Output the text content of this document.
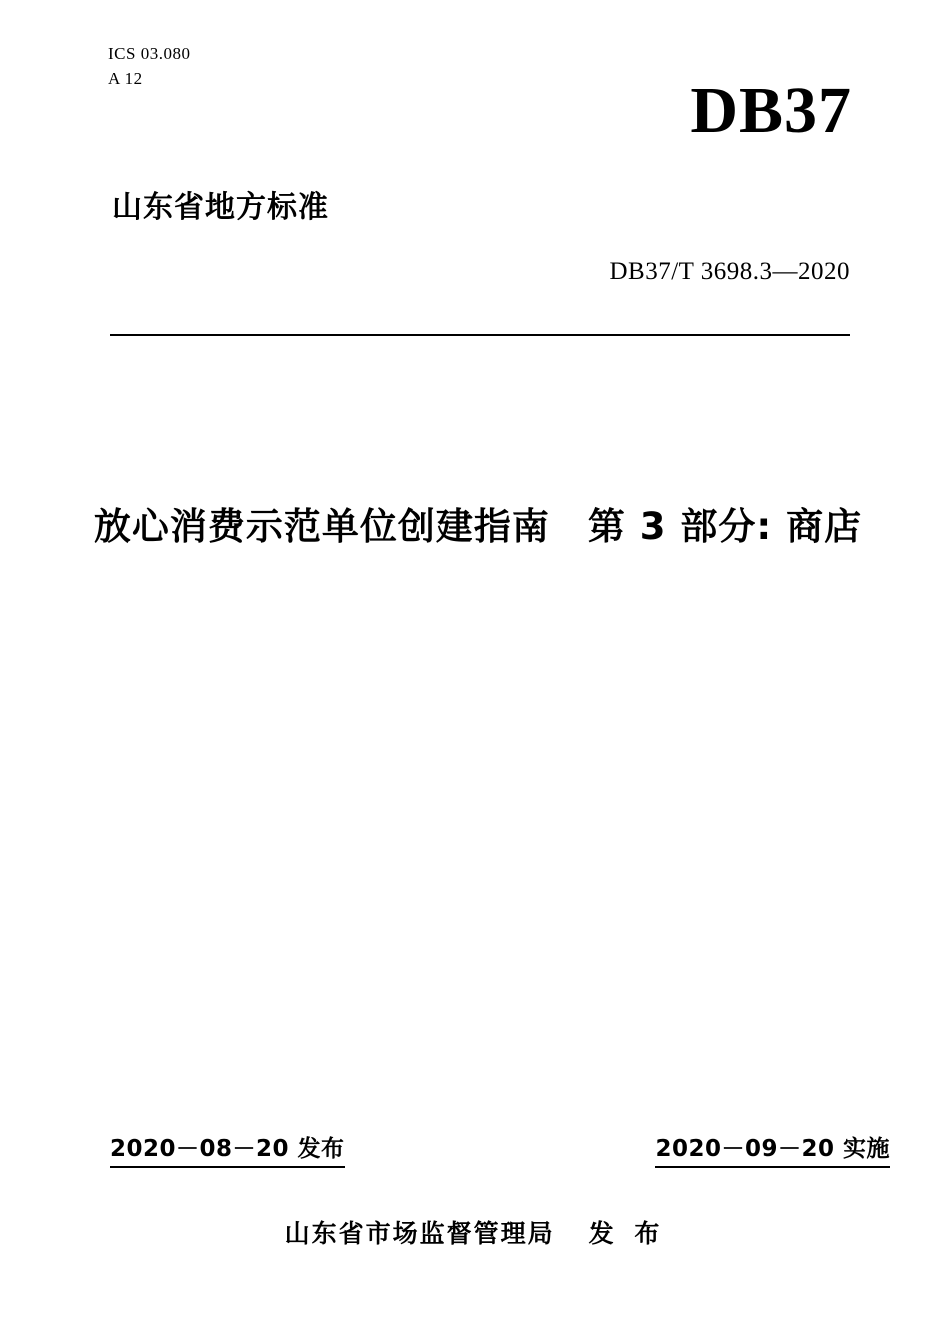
ICS 03.080
A 12	DB37
山东省地方标准
DB37/T 3698.3—2020
放心消费示范单位创建指南　第 3 部分: 商店
2020－08－20 发布	2020－09－20 实施
山东省市场监督管理局 发 布
